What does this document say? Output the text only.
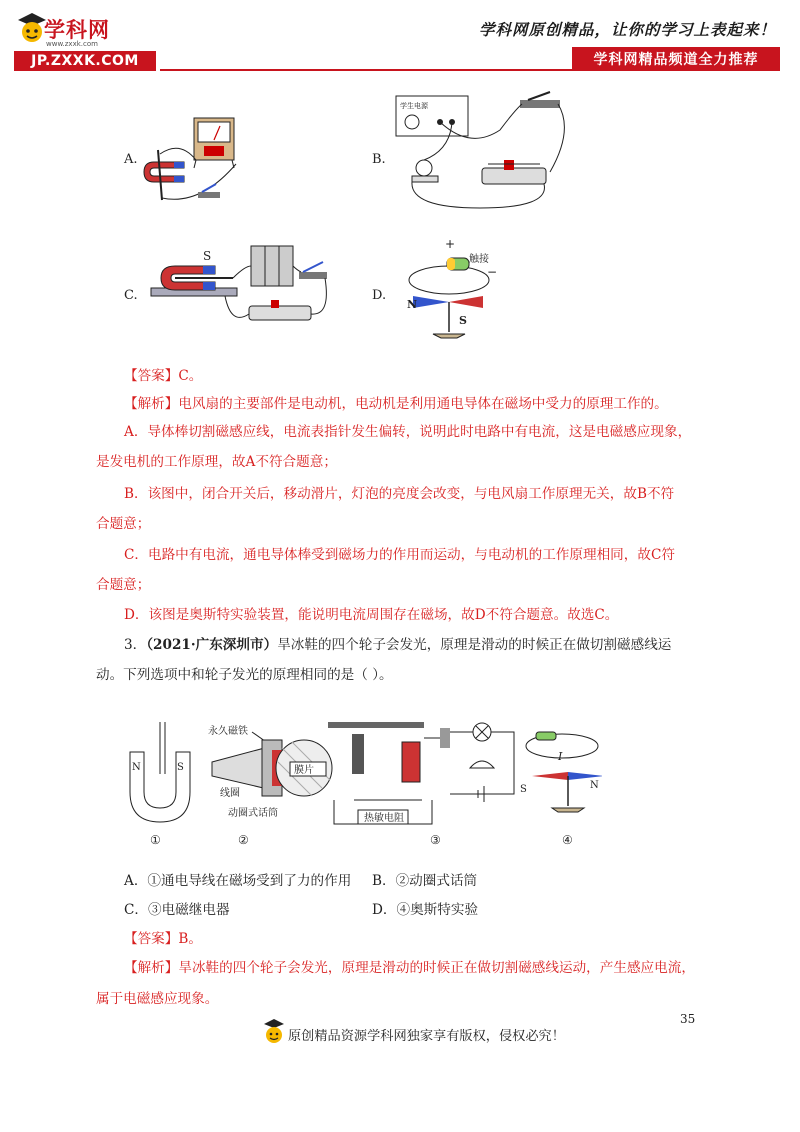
学科网
www.zxxk.com
JP.ZXXK.COM
学科网原创精品，让你的学习上表起来！
学科网精品频道全力推荐
A.	B.
学生电源
C.
S
D.
+
触接
−
N
S
【答案】C。
【解析】电风扇的主要部件是电动机，电动机是利用通电导体在磁场中受力的原理工作的。
A．导体棒切割磁感应线，电流表指针发生偏转，说明此时电路中有电流，这是电磁感应现象，
是发电机的工作原理，故A不符合题意；
B．该图中，闭合开关后，移动滑片，灯泡的亮度会改变，与电风扇工作原理无关，故B不符
合题意；
C．电路中有电流，通电导体棒受到磁场力的作用而运动，与电动机的工作原理相同，故C符
合题意；
D．该图是奥斯特实验装置，能说明电流周围存在磁场，故D不符合题意。故选C。
3．（2021·广东深圳市）旱冰鞋的四个轮子会发光，原理是滑动的时候正在做切割磁感线运
动。下列选项中和轮子发光的原理相同的是（ ）。
N	S
永久磁铁
膜片
线圈
动圈式话筒	热敏电阻
I
S	N
①	②	③	④
A．①通电导线在磁场受到了力的作用 B．②动圈式话筒
C．③电磁继电器	D．④奥斯特实验
【答案】B。
【解析】旱冰鞋的四个轮子会发光，原理是滑动的时候正在做切割磁感线运动，产生感应电流，
属于电磁感应现象。
35
原创精品资源学科网独家享有版权，侵权必究！
